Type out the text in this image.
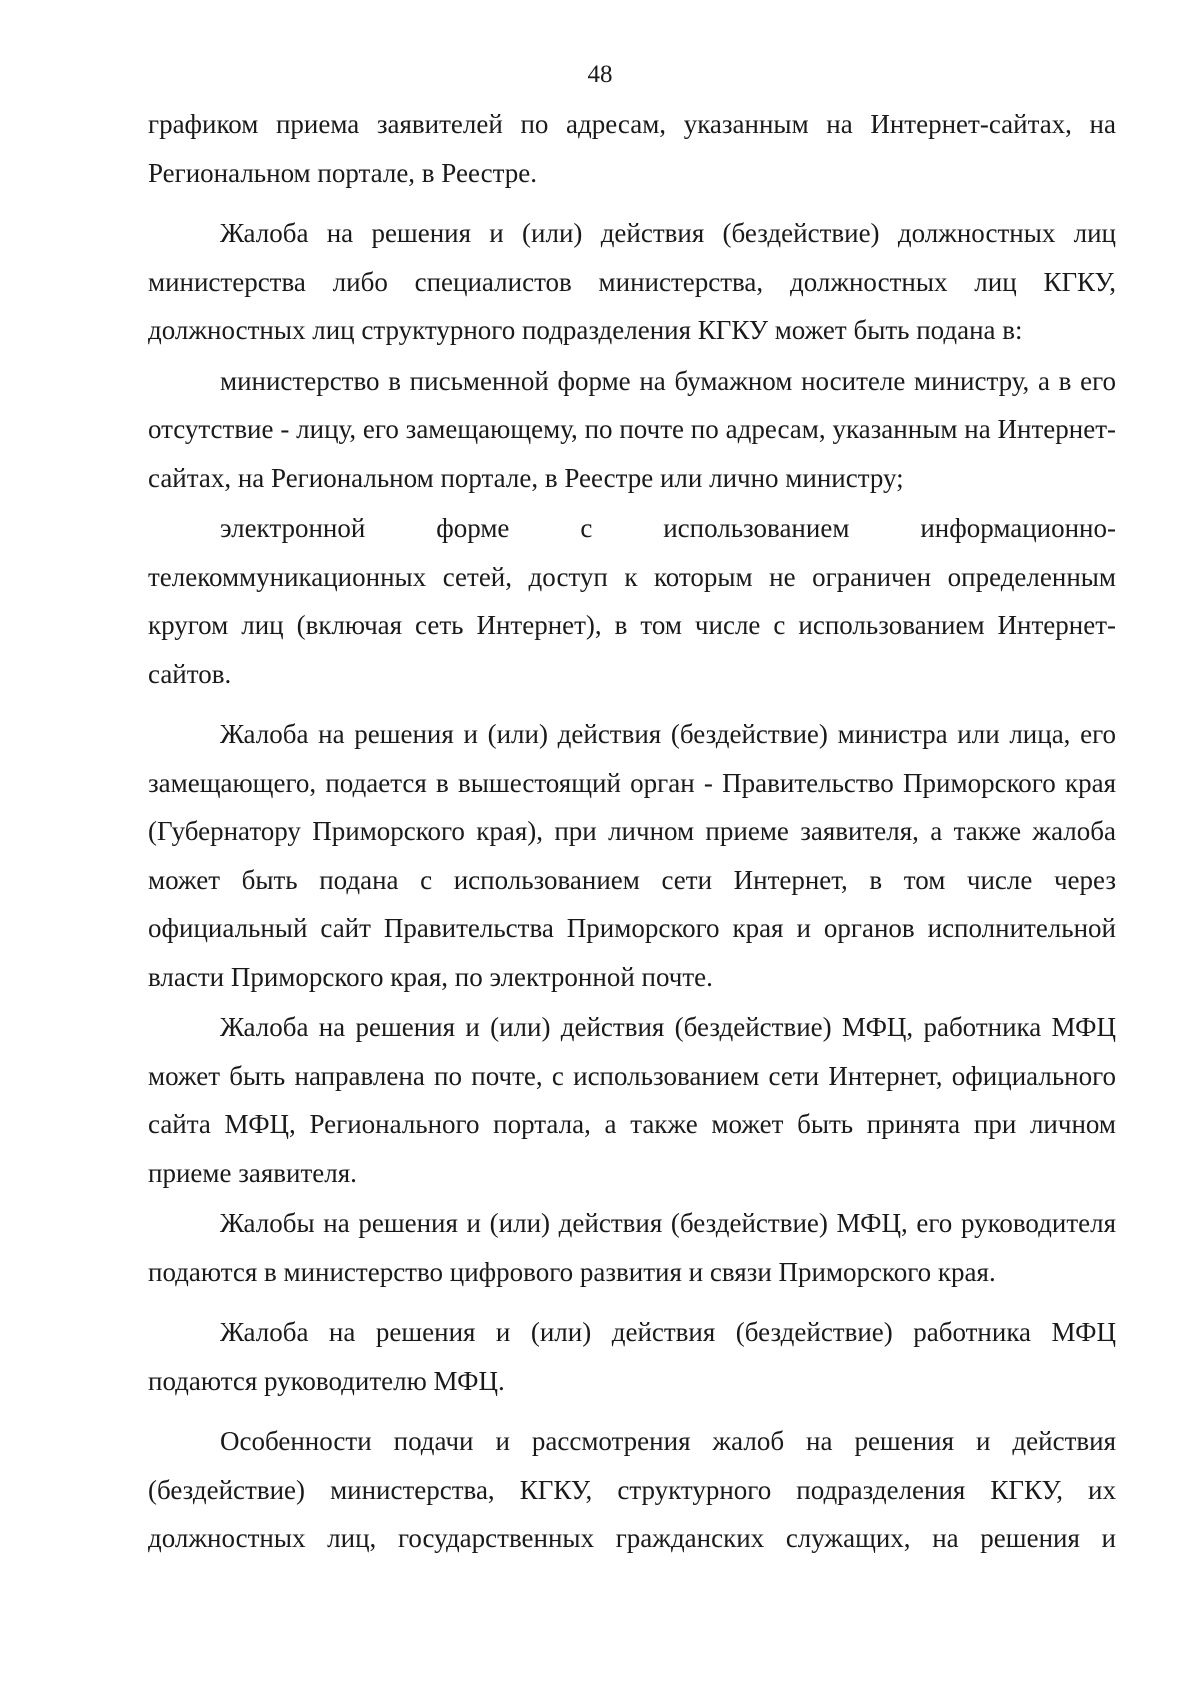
48

графиком приема заявителей по адресам, указанным на Интернет-сайтах, на Региональном портале, в Реестре.

Жалоба на решения и (или) действия (бездействие) должностных лиц министерства либо специалистов министерства, должностных лиц КГКУ, должностных лиц структурного подразделения КГКУ может быть подана в:

министерство в письменной форме на бумажном носителе министру, а в его отсутствие - лицу, его замещающему, по почте по адресам, указанным на Интернет-сайтах, на Региональном портале, в Реестре или лично министру;

электронной форме с использованием информационно-телекоммуникационных сетей, доступ к которым не ограничен определенным кругом лиц (включая сеть Интернет), в том числе с использованием Интернет-сайтов.

Жалоба на решения и (или) действия (бездействие) министра или лица, его замещающего, подается в вышестоящий орган - Правительство Приморского края (Губернатору Приморского края), при личном приеме заявителя, а также жалоба может быть подана с использованием сети Интернет, в том числе через официальный сайт Правительства Приморского края и органов исполнительной власти Приморского края, по электронной почте.

Жалоба на решения и (или) действия (бездействие) МФЦ, работника МФЦ может быть направлена по почте, с использованием сети Интернет, официального сайта МФЦ, Регионального портала, а также может быть принята при личном приеме заявителя.

Жалобы на решения и (или) действия (бездействие) МФЦ, его руководителя подаются в министерство цифрового развития и связи Приморского края.

Жалоба на решения и (или) действия (бездействие) работника МФЦ подаются руководителю МФЦ.

Особенности подачи и рассмотрения жалоб на решения и действия (бездействие) министерства, КГКУ, структурного подразделения КГКУ, их должностных лиц, государственных гражданских служащих, на решения и
